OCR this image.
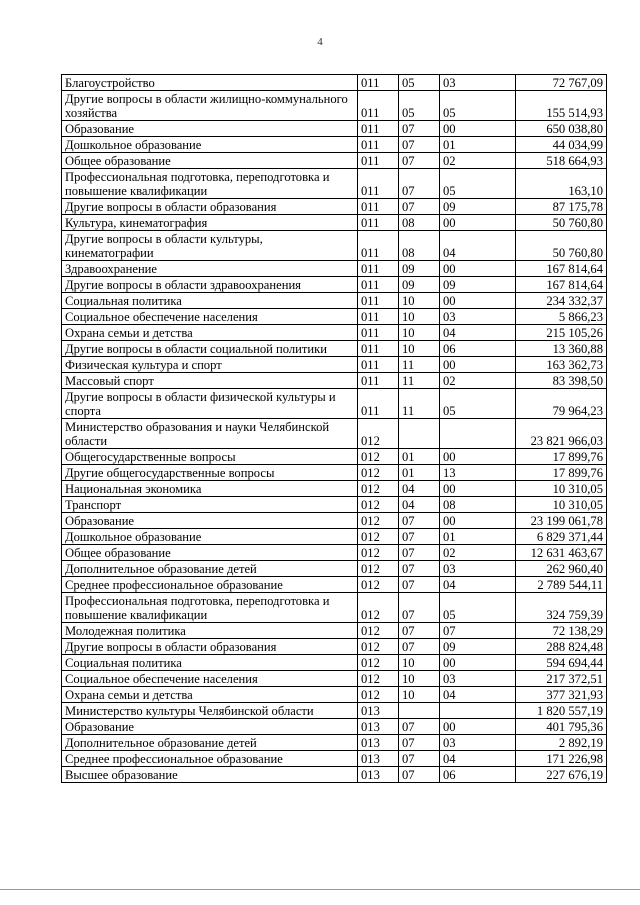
4
Благоустройство	011	05	03	72 767,09
Другие вопросы в области жилищно-коммунального хозяйства	011	05	05	155 514,93
Образование	011	07	00	650 038,80
Дошкольное образование	011	07	01	44 034,99
Общее образование	011	07	02	518 664,93
Профессиональная подготовка, переподготовка и повышение квалификации	011	07	05	163,10
Другие вопросы в области образования	011	07	09	87 175,78
Культура, кинематография	011	08	00	50 760,80
Другие вопросы в области культуры, кинематографии	011	08	04	50 760,80
Здравоохранение	011	09	00	167 814,64
Другие вопросы в области здравоохранения	011	09	09	167 814,64
Социальная политика	011	10	00	234 332,37
Социальное обеспечение населения	011	10	03	5 866,23
Охрана семьи и детства	011	10	04	215 105,26
Другие вопросы в области социальной политики	011	10	06	13 360,88
Физическая культура и спорт	011	11	00	163 362,73
Массовый спорт	011	11	02	83 398,50
Другие вопросы в области физической культуры и спорта	011	11	05	79 964,23
Министерство образования и науки Челябинской области	012			23 821 966,03
Общегосударственные вопросы	012	01	00	17 899,76
Другие общегосударственные вопросы	012	01	13	17 899,76
Национальная экономика	012	04	00	10 310,05
Транспорт	012	04	08	10 310,05
Образование	012	07	00	23 199 061,78
Дошкольное образование	012	07	01	6 829 371,44
Общее образование	012	07	02	12 631 463,67
Дополнительное образование детей	012	07	03	262 960,40
Среднее профессиональное образование	012	07	04	2 789 544,11
Профессиональная подготовка, переподготовка и повышение квалификации	012	07	05	324 759,39
Молодежная политика	012	07	07	72 138,29
Другие вопросы в области образования	012	07	09	288 824,48
Социальная политика	012	10	00	594 694,44
Социальное обеспечение населения	012	10	03	217 372,51
Охрана семьи и детства	012	10	04	377 321,93
Министерство культуры Челябинской области	013			1 820 557,19
Образование	013	07	00	401 795,36
Дополнительное образование детей	013	07	03	2 892,19
Среднее профессиональное образование	013	07	04	171 226,98
Высшее образование	013	07	06	227 676,19
